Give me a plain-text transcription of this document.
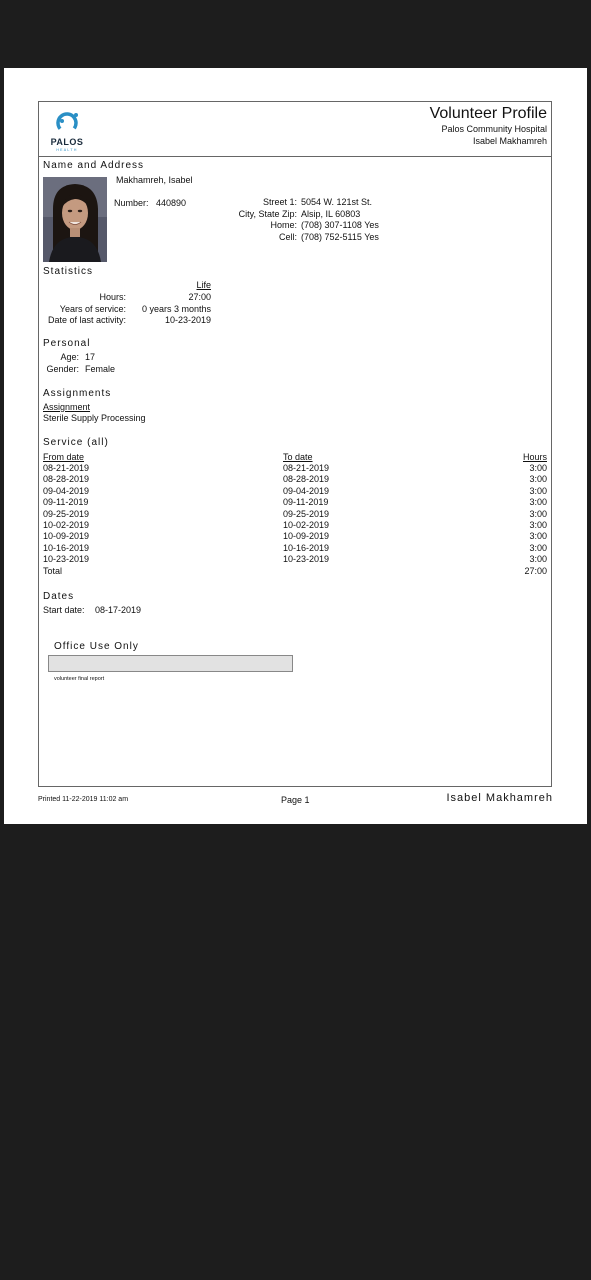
PALOS
HEALTH
Volunteer Profile
Palos Community Hospital
Isabel Makhamreh
Name and Address
Makhamreh, Isabel
Number: 440890	Street 1: 5054 W. 121st St.
City, State Zip: Alsip, IL 60803
Home: (708) 307-1108 Yes
Cell: (708) 752-5115 Yes
Statistics
Life
Hours:	27:00
Years of service:	0 years 3 months
Date of last activity:	10-23-2019
Personal
Age: 17
Gender: Female
Assignments
Assignment
Sterile Supply Processing
Service (all)
From date	To date	Hours
08-21-2019	08-21-2019	3:00
08-28-2019	08-28-2019	3:00
09-04-2019	09-04-2019	3:00
09-11-2019	09-11-2019	3:00
09-25-2019	09-25-2019	3:00
10-02-2019	10-02-2019	3:00
10-09-2019	10-09-2019	3:00
10-16-2019	10-16-2019	3:00
10-23-2019	10-23-2019	3:00
Total	27:00
Dates
Start date: 08-17-2019
Office Use Only
volunteer final report
Printed 11-22-2019 11:02 am	Page 1	Isabel Makhamreh
